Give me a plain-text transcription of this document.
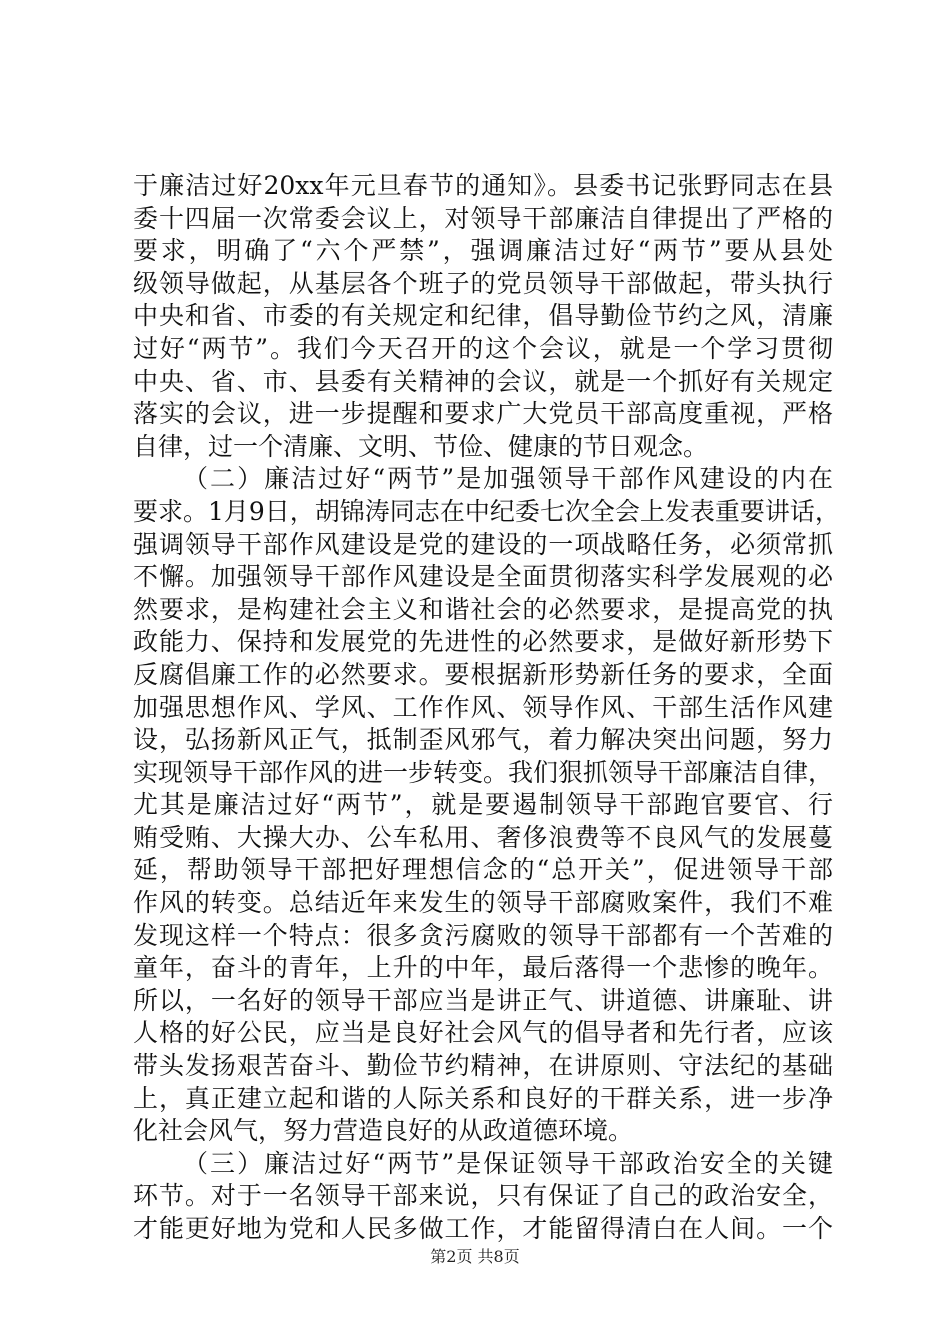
于廉洁过好20xx年元旦春节的通知》。县委书记张野同志在县
委十四届一次常委会议上，对领导干部廉洁自律提出了严格的
要求，明确了“六个严禁”，强调廉洁过好“两节”要从县处
级领导做起，从基层各个班子的党员领导干部做起，带头执行
中央和省、市委的有关规定和纪律，倡导勤俭节约之风，清廉
过好“两节”。我们今天召开的这个会议，就是一个学习贯彻
中央、省、市、县委有关精神的会议，就是一个抓好有关规定
落实的会议，进一步提醒和要求广大党员干部高度重视，严格
自律，过一个清廉、文明、节俭、健康的节日观念。
（二）廉洁过好“两节”是加强领导干部作风建设的内在
要求。1月9日，胡锦涛同志在中纪委七次全会上发表重要讲话，
强调领导干部作风建设是党的建设的一项战略任务，必须常抓
不懈。加强领导干部作风建设是全面贯彻落实科学发展观的必
然要求，是构建社会主义和谐社会的必然要求，是提高党的执
政能力、保持和发展党的先进性的必然要求，是做好新形势下
反腐倡廉工作的必然要求。要根据新形势新任务的要求，全面
加强思想作风、学风、工作作风、领导作风、干部生活作风建
设，弘扬新风正气，抵制歪风邪气，着力解决突出问题，努力
实现领导干部作风的进一步转变。我们狠抓领导干部廉洁自律，
尤其是廉洁过好“两节”，就是要遏制领导干部跑官要官、行
贿受贿、大操大办、公车私用、奢侈浪费等不良风气的发展蔓
延，帮助领导干部把好理想信念的“总开关”，促进领导干部
作风的转变。总结近年来发生的领导干部腐败案件，我们不难
发现这样一个特点：很多贪污腐败的领导干部都有一个苦难的
童年，奋斗的青年，上升的中年，最后落得一个悲惨的晚年。
所以，一名好的领导干部应当是讲正气、讲道德、讲廉耻、讲
人格的好公民，应当是良好社会风气的倡导者和先行者，应该
带头发扬艰苦奋斗、勤俭节约精神，在讲原则、守法纪的基础
上，真正建立起和谐的人际关系和良好的干群关系，进一步净
化社会风气，努力营造良好的从政道德环境。
（三）廉洁过好“两节”是保证领导干部政治安全的关键
环节。对于一名领导干部来说，只有保证了自己的政治安全，
才能更好地为党和人民多做工作，才能留得清白在人间。一个
第2页 共8页
